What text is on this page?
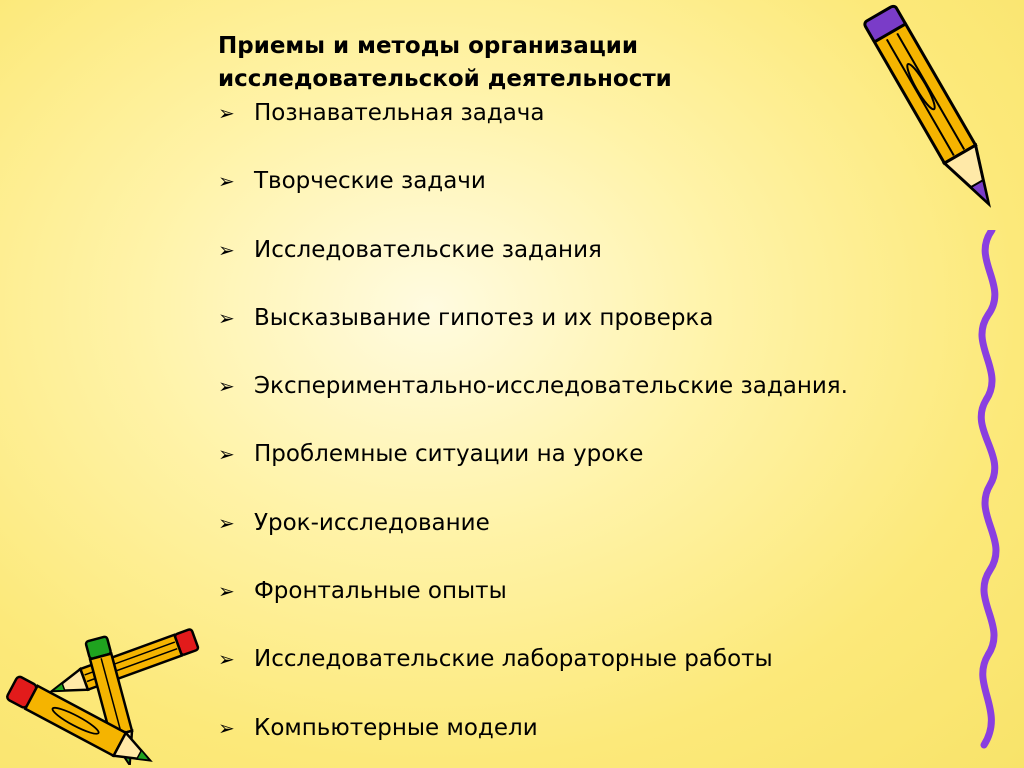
Приемы и методы организации
исследовательской деятельности
➢ Познавательная задача
➢ Творческие задачи
➢ Исследовательские задания
➢ Высказывание гипотез и их проверка
➢ Экспериментально-исследовательские задания.
➢ Проблемные ситуации на уроке
➢ Урок-исследование
➢ Фронтальные опыты
➢ Исследовательские лабораторные работы
➢ Компьютерные модели
